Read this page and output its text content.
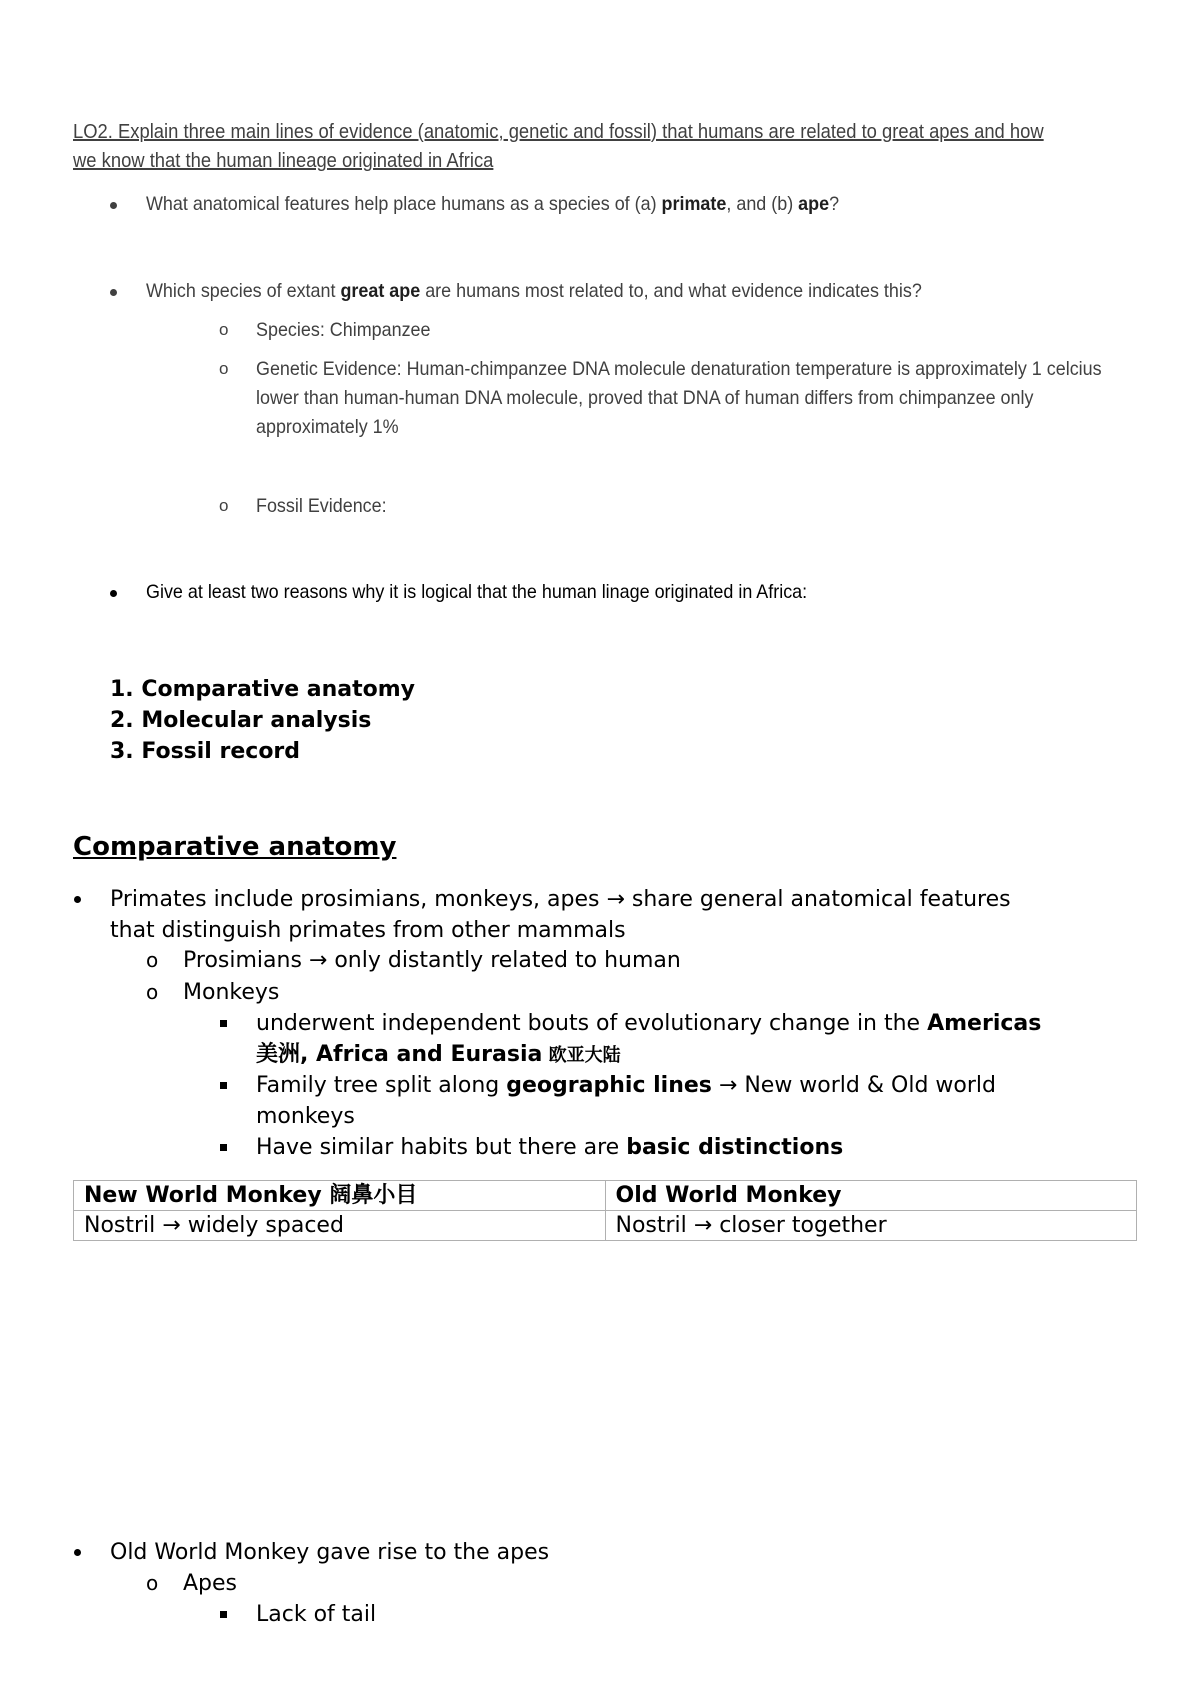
LO2. Explain three main lines of evidence (anatomic, genetic and fossil) that humans are related to great apes and how we know that the human lineage originated in Africa
What anatomical features help place humans as a species of (a) primate, and (b) ape?
Which species of extant great ape are humans most related to, and what evidence indicates this?
o Species: Chimpanzee
o Genetic Evidence: Human-chimpanzee DNA molecule denaturation temperature is approximately 1 celcius lower than human-human DNA molecule, proved that DNA of human differs from chimpanzee only approximately 1%
o Fossil Evidence:
Give at least two reasons why it is logical that the human linage originated in Africa:
1. Comparative anatomy
2. Molecular analysis
3. Fossil record
Comparative anatomy
Primates include prosimians, monkeys, apes → share general anatomical features
that distinguish primates from other mammals
o Prosimians → only distantly related to human
o Monkeys
underwent independent bouts of evolutionary change in the Americas
美洲, Africa and Eurasia 欧亚大陆
Family tree split along geographic lines → New world & Old world
monkeys
Have similar habits but there are basic distinctions
New World Monkey 阔鼻小目	Old World Monkey
Nostril → widely spaced	Nostril → closer together
Old World Monkey gave rise to the apes
o Apes
Lack of tail
